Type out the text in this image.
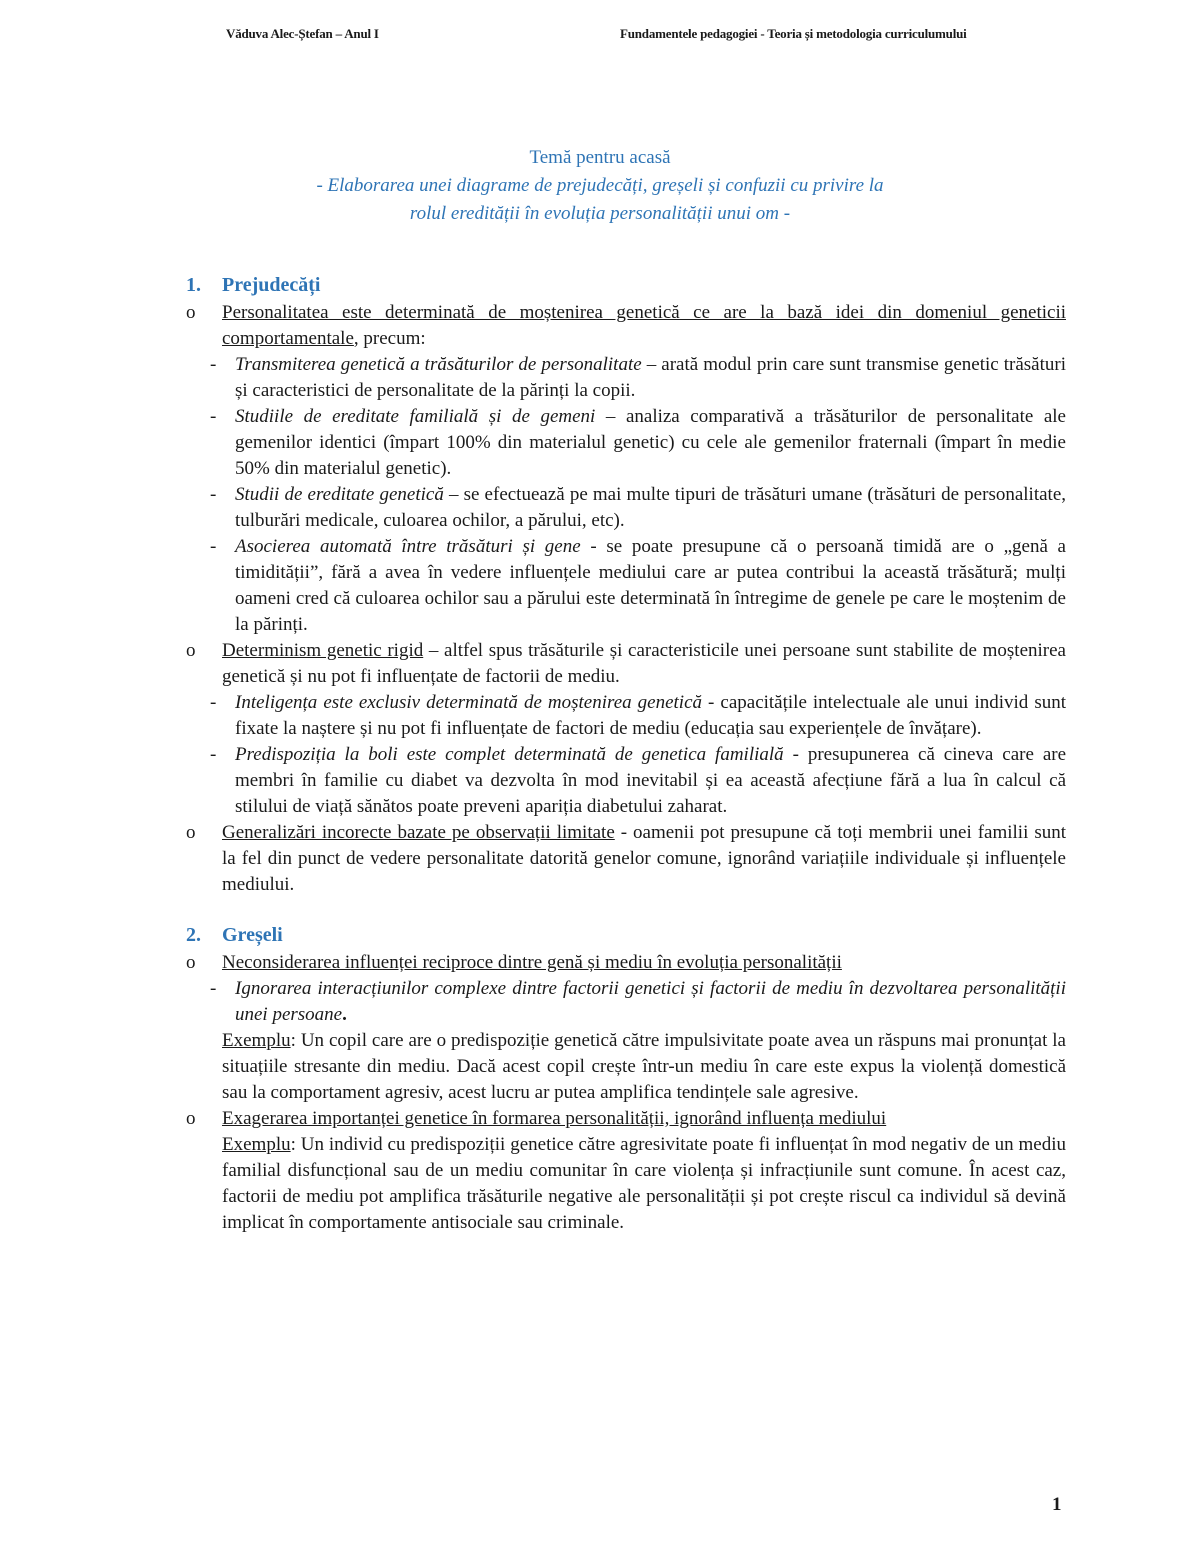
Văduva Alec-Ștefan – Anul I	Fundamentele pedagogiei - Teoria și metodologia curriculumului
Temă pentru acasă
- Elaborarea unei diagrame de prejudecăți, greșeli și confuzii cu privire la
rolul eredității în evoluția personalității unui om -
1.	Prejudecăți
o Personalitatea este determinată de moștenirea genetică ce are la bază idei din domeniul geneticii comportamentale, precum:
- Transmiterea genetică a trăsăturilor de personalitate – arată modul prin care sunt transmise genetic trăsături și caracteristici de personalitate de la părinți la copii.
- Studiile de ereditate familială și de gemeni – analiza comparativă a trăsăturilor de personalitate ale gemenilor identici (împart 100% din materialul genetic) cu cele ale gemenilor fraternali (împart în medie 50% din materialul genetic).
- Studii de ereditate genetică – se efectuează pe mai multe tipuri de trăsături umane (trăsături de personalitate, tulburări medicale, culoarea ochilor, a părului, etc).
- Asocierea automată între trăsături și gene - se poate presupune că o persoană timidă are o „genă a timidității”, fără a avea în vedere influențele mediului care ar putea contribui la această trăsătură; mulți oameni cred că culoarea ochilor sau a părului este determinată în întregime de genele pe care le moștenim de la părinți.
o Determinism genetic rigid – altfel spus trăsăturile și caracteristicile unei persoane sunt stabilite de moștenirea genetică și nu pot fi influențate de factorii de mediu.
- Inteligența este exclusiv determinată de moștenirea genetică - capacitățile intelectuale ale unui individ sunt fixate la naștere și nu pot fi influențate de factori de mediu (educația sau experiențele de învățare).
- Predispoziția la boli este complet determinată de genetica familială - presupunerea că cineva care are membri în familie cu diabet va dezvolta în mod inevitabil și ea această afecțiune fără a lua în calcul că stilului de viață sănătos poate preveni apariția diabetului zaharat.
o Generalizări incorecte bazate pe observații limitate - oamenii pot presupune că toți membrii unei familii sunt la fel din punct de vedere personalitate datorită genelor comune, ignorând variațiile individuale și influențele mediului.
2.	Greșeli
o Neconsiderarea influenței reciproce dintre genă și mediu în evoluția personalității
- Ignorarea interacțiunilor complexe dintre factorii genetici și factorii de mediu în dezvoltarea personalității unei persoane.
Exemplu: Un copil care are o predispoziție genetică către impulsivitate poate avea un răspuns mai pronunțat la situațiile stresante din mediu. Dacă acest copil crește într-un mediu în care este expus la violență domestică sau la comportament agresiv, acest lucru ar putea amplifica tendințele sale agresive.
o Exagerarea importanței geneticе în formarea personalității, ignorând influența mediului
Exemplu: Un individ cu predispoziții genetice către agresivitate poate fi influențat în mod negativ de un mediu familial disfuncțional sau de un mediu comunitar în care violența și infracțiunile sunt comune. În acest caz, factorii de mediu pot amplifica trăsăturile negative ale personalității și pot crește riscul ca individul să devină implicat în comportamente antisociale sau criminale.
1
